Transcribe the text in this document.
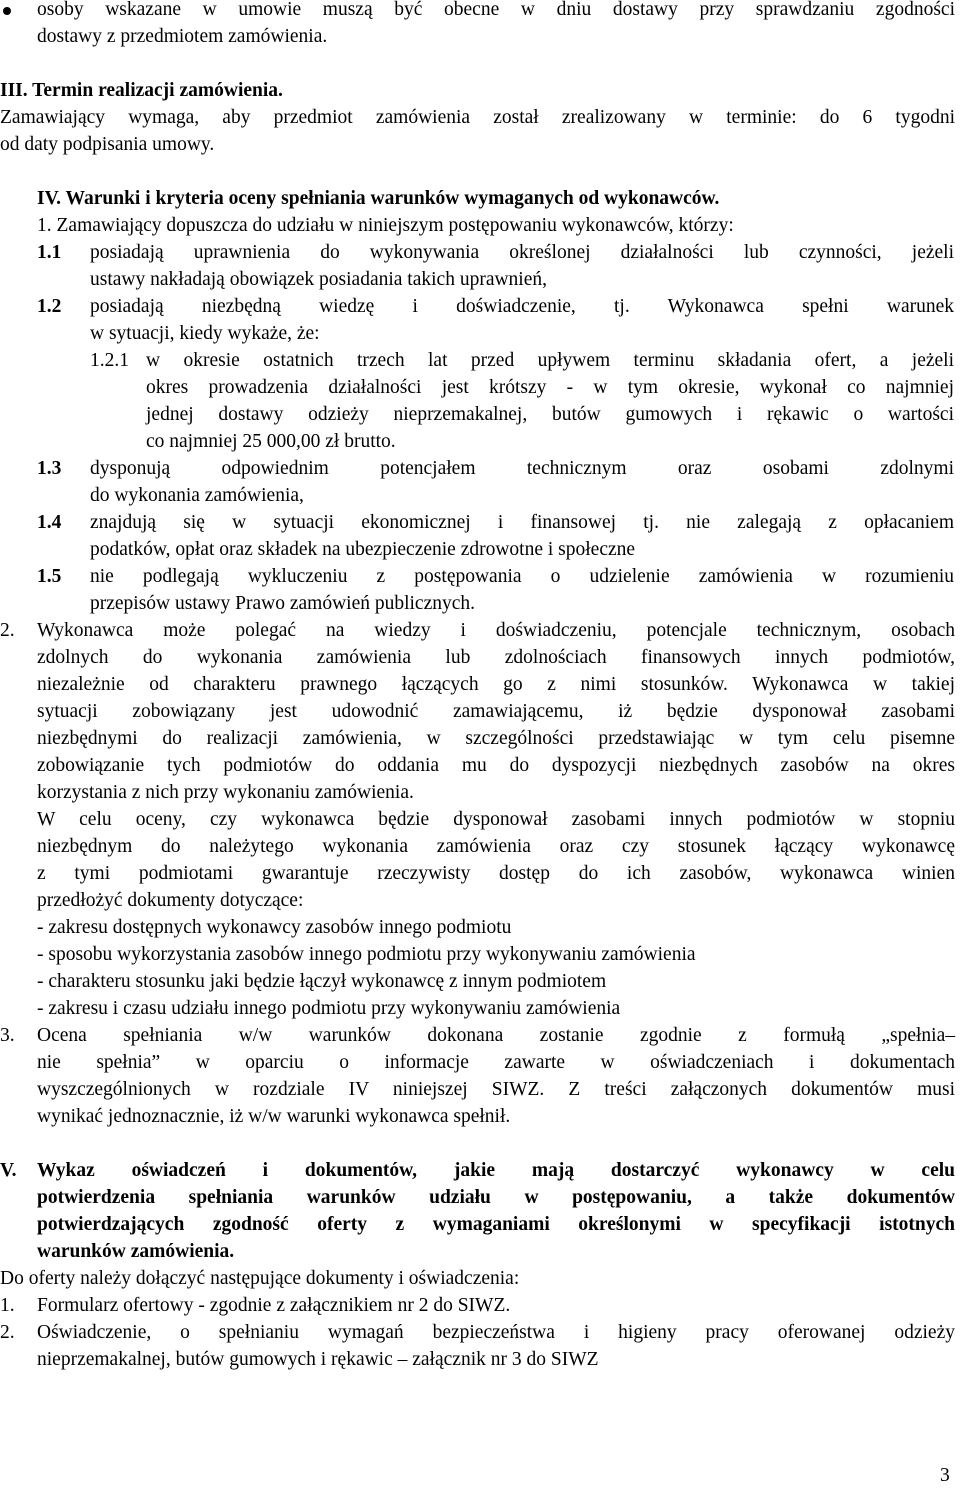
osoby wskazane w umowie muszą być obecne w dniu dostawy przy sprawdzaniu zgodności
dostawy z przedmiotem zamówienia.
III. Termin realizacji zamówienia.
Zamawiający wymaga, aby przedmiot zamówienia został zrealizowany w terminie: do 6 tygodni
od daty podpisania umowy.
IV. Warunki i kryteria oceny spełniania warunków wymaganych od wykonawców.
1. Zamawiający dopuszcza do udziału w niniejszym postępowaniu wykonawców, którzy:
1.1 posiadają uprawnienia do wykonywania określonej działalności lub czynności, jeżeli
ustawy nakładają obowiązek posiadania takich uprawnień,
1.2 posiadają niezbędną wiedzę i doświadczenie, tj. Wykonawca spełni warunek
w sytuacji, kiedy wykaże, że:
1.2.1 w okresie ostatnich trzech lat przed upływem terminu składania ofert, a jeżeli
okres prowadzenia działalności jest krótszy - w tym okresie, wykonał co najmniej
jednej dostawy odzieży nieprzemakalnej, butów gumowych i rękawic o wartości
co najmniej 25 000,00 zł brutto.
1.3 dysponują odpowiednim potencjałem technicznym oraz osobami zdolnymi
do wykonania zamówienia,
1.4 znajdują się w sytuacji ekonomicznej i finansowej tj. nie zalegają z opłacaniem
podatków, opłat oraz składek na ubezpieczenie zdrowotne i społeczne
1.5 nie podlegają wykluczeniu z postępowania o udzielenie zamówienia w rozumieniu
przepisów ustawy Prawo zamówień publicznych.
2. Wykonawca może polegać na wiedzy i doświadczeniu, potencjale technicznym, osobach
zdolnych do wykonania zamówienia lub zdolnościach finansowych innych podmiotów,
niezależnie od charakteru prawnego łączących go z nimi stosunków. Wykonawca w takiej
sytuacji zobowiązany jest udowodnić zamawiającemu, iż będzie dysponował zasobami
niezbędnymi do realizacji zamówienia, w szczególności przedstawiając w tym celu pisemne
zobowiązanie tych podmiotów do oddania mu do dyspozycji niezbędnych zasobów na okres
korzystania z nich przy wykonaniu zamówienia.
W celu oceny, czy wykonawca będzie dysponował zasobami innych podmiotów w stopniu
niezbędnym do należytego wykonania zamówienia oraz czy stosunek łączący wykonawcę
z tymi podmiotami gwarantuje rzeczywisty dostęp do ich zasobów, wykonawca winien
przedłożyć dokumenty dotyczące:
- zakresu dostępnych wykonawcy zasobów innego podmiotu
- sposobu wykorzystania zasobów innego podmiotu przy wykonywaniu zamówienia
- charakteru stosunku jaki będzie łączył wykonawcę z innym podmiotem
- zakresu i czasu udziału innego podmiotu przy wykonywaniu zamówienia
3. Ocena spełniania w/w warunków dokonana zostanie zgodnie z formułą „spełnia–
nie spełnia” w oparciu o informacje zawarte w oświadczeniach i dokumentach
wyszczególnionych w rozdziale IV niniejszej SIWZ. Z treści załączonych dokumentów musi
wynikać jednoznacznie, iż w/w warunki wykonawca spełnił.
V. Wykaz oświadczeń i dokumentów, jakie mają dostarczyć wykonawcy w celu
potwierdzenia spełniania warunków udziału w postępowaniu, a także dokumentów
potwierdzających zgodność oferty z wymaganiami określonymi w specyfikacji istotnych
warunków zamówienia.
Do oferty należy dołączyć następujące dokumenty i oświadczenia:
1. Formularz ofertowy - zgodnie z załącznikiem nr 2 do SIWZ.
2. Oświadczenie, o spełnianiu wymagań bezpieczeństwa i higieny pracy oferowanej odzieży
nieprzemakalnej, butów gumowych i rękawic – załącznik nr 3 do SIWZ
3
